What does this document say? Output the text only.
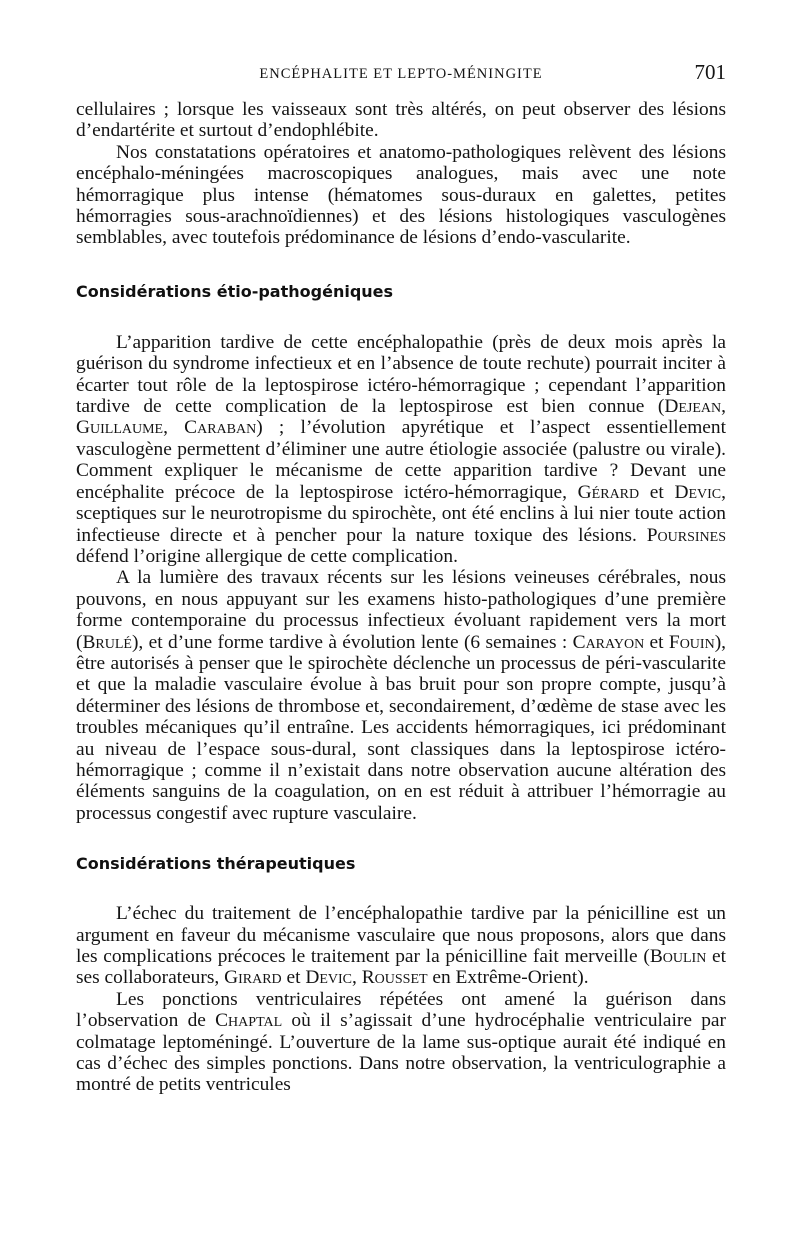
ENCÉPHALITE ET LEPTO-MÉNINGITE	701

cellulaires ; lorsque les vaisseaux sont très altérés, on peut observer des lésions d’endartérite et surtout d’endophlébite.

Nos constatations opératoires et anatomo-pathologiques relèvent des lésions encéphalo-méningées macroscopiques analogues, mais avec une note hémorragique plus intense (hématomes sous-duraux en galettes, petites hémorragies sous-arachnoïdiennes) et des lésions histologiques vasculogènes semblables, avec toutefois prédominance de lésions d’endo-vascularite.

Considérations étio-pathogéniques

L’apparition tardive de cette encéphalopathie (près de deux mois après la guérison du syndrome infectieux et en l’absence de toute rechute) pourrait inciter à écarter tout rôle de la leptospirose ictéro-hémorragique ; cependant l’apparition tardive de cette complication de la leptospirose est bien connue (Dejean, Guillaume, Caraban) ; l’évolution apyrétique et l’aspect essentiellement vasculogène permettent d’éliminer une autre étiologie associée (palustre ou virale). Comment expliquer le mécanisme de cette apparition tardive ? Devant une encéphalite précoce de la leptospirose ictéro-hémorragique, Gérard et Devic, sceptiques sur le neurotropisme du spirochète, ont été enclins à lui nier toute action infectieuse directe et à pencher pour la nature toxique des lésions. Poursines défend l’origine allergique de cette complication.

A la lumière des travaux récents sur les lésions veineuses cérébrales, nous pouvons, en nous appuyant sur les examens histo-pathologiques d’une première forme contemporaine du processus infectieux évoluant rapidement vers la mort (Brulé), et d’une forme tardive à évolution lente (6 semaines : Carayon et Fouin), être autorisés à penser que le spirochète déclenche un processus de péri-vascularite et que la maladie vasculaire évolue à bas bruit pour son propre compte, jusqu’à déterminer des lésions de thrombose et, secondairement, d’œdème de stase avec les troubles mécaniques qu’il entraîne. Les accidents hémorragiques, ici prédominant au niveau de l’espace sous-dural, sont classiques dans la leptospirose ictéro-hémorragique ; comme il n’existait dans notre observation aucune altération des éléments sanguins de la coagulation, on en est réduit à attribuer l’hémorragie au processus congestif avec rupture vasculaire.

Considérations thérapeutiques

L’échec du traitement de l’encéphalopathie tardive par la pénicilline est un argument en faveur du mécanisme vasculaire que nous proposons, alors que dans les complications précoces le traitement par la pénicilline fait merveille (Boulin et ses collaborateurs, Girard et Devic, Rousset en Extrême-Orient).

Les ponctions ventriculaires répétées ont amené la guérison dans l’observation de Chaptal où il s’agissait d’une hydrocéphalie ventriculaire par colmatage leptoméningé. L’ouverture de la lame sus-optique aurait été indiqué en cas d’échec des simples ponctions. Dans notre observation, la ventriculographie a montré de petits ventricules
